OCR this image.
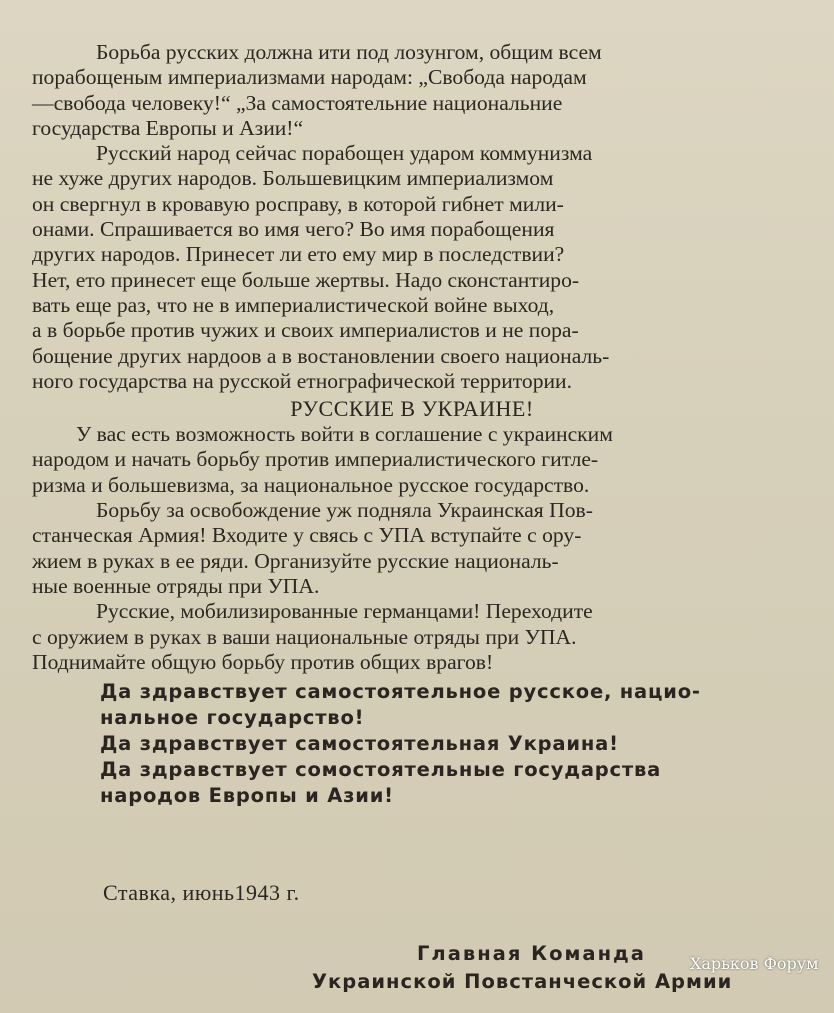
Борьба русских должна ити под лозунгом, общим всем
порабощеным империализмами народам: „Свобода народам
—свобода человеку!“ „За самостоятельние национальние
государства Европы и Азии!“

Русский народ сейчас порабощен ударом коммунизма
не хуже других народов. Большевицким империализмом
он свергнул в кровавую росправу, в которой гибнет мили-
онами. Спрашивается во имя чего? Во имя порабощения
других народов. Принесет ли ето ему мир в последствии?
Нет, ето принесет еще больше жертвы. Надо сконстантиро-
вать еще раз, что не в империалистической войне выход,
а в борьбе против чужих и своих империалистов и не пора-
бощение других нардоов а в востановлении своего националь-
ного государства на русской етнографической территории.

РУССКИЕ В УКРАИНЕ!

У вас есть возможность войти в соглашение с украинским
народом и начать борьбу против империалистического гитле-
ризма и большевизма, за национальное русское государство.

Борьбу за освобождение уж подняла Украинская Пов-
станческая Армия! Входите у свясь с УПА вступайте с ору-
жием в руках в ее ряди. Организуйте русские националь-
ные военные отряды при УПА.

Русские, мобилизированные германцами! Переходите
с оружием в руках в ваши национальные отряды при УПА.
Поднимайте общую борьбу против общих врагов!

Да здравствует самостоятельное русское, нацио-
нальное государство!
Да здравствует самостоятельная Украина!
Да здравствует сомостоятельные государства
народов Европы и Азии!
Ставка, июнь1943 г.
Главная Команда
Украинской Повстанческой Армии
Харьков Форум
